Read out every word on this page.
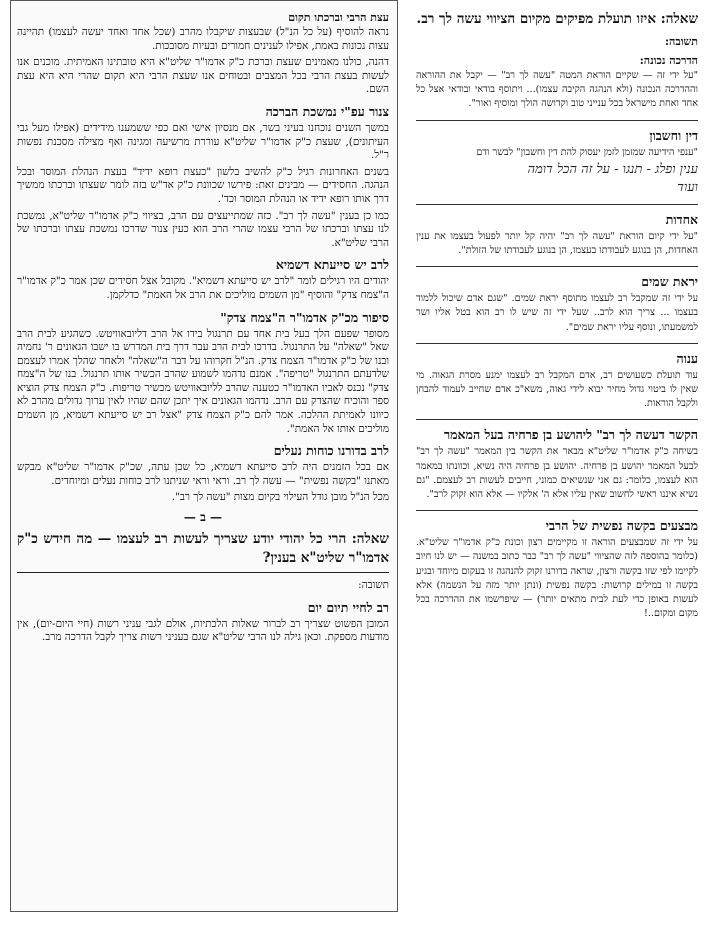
עצת הרבי וברכתו תקום
נראה להוסיף (על כל הנ"ל) שבעצות שיקבלו מהרב (שכל אחד ואחד יעשה לעצמו) תהיינה עצות נכונות באמת, אפילו לענינים חמורים ובעיות מסובכות.
דהנה, כולנו מאמינים שעצת וברכת כ"ק אדמו"ר שליט"א היא טובתינו האמיתית. מוכנים אנו לעשות בעצת הרבי בכל המצבים ובטוחים אנו שעצת הרבי היא תקום שהרי היא היא עצת השם.
צנור עפ"י נמשכת הברכה
במשך השנים נוכחנו בעיני בשר, אם מנסיון אישי ואם כפי ששמענו מידידים (אפילו מעל גבי העיתונים), שעצת כ"ק אדמו"ר שליט"א עוררת מרשיעה ומגינה ואף מצילה מסכנת נפשות ר"ל.
בשנים האחרונות רגיל כ"ק להשיב בלשון "כעצת רופא ידיד" בעצת הנהלת המוסר ובכל הנהגה. החסידים — מבינים זאת: פירשו שכוונת כ"ק אד"ש בזה לומר שעצתו וברכתו ממשיך דרך אותו רופא ידיד או הנהלת המוסר וכד'.
כמו כן בענין "עשה לך רב". כזה שמתייעצים עם הרב, בציווי כ"ק אדמו"ר שליט"א, נמשכת לנו עצתו וברכתו של הרבי עצמו שהרי הרב הוא כעין צנור שדרכו נמשכת עצתו וברכתו של הרבי שליט"א.
לרב יש סייעתא דשמיא
יהודים היו רגילים לומר "לרב יש סייעתא דשמיא". מקובל אצל חסידים שכן אמר כ"ק אדמו"ר ה"צמח צדק" והוסיף "מן השמים מוליכים את הרב אל האמת" כדלקמן.
סיפור מכ"ק אדמו"ר ה"צמח צדק"
מסופר שפעם הלך בעל בית אחד עם תרנגול בידו אל הרב דליובאוויטש. כשהגיע לבית הרב שאל "שאלה" על התרנגול. בדרכו לבית הרב עבר דרך בית המדרש בו ישבו הגאונים ר' נחמיה ובנו של כ"ק אדמו"ר הצמח צדק. הנ"ל חקרוהו על דבר ה"שאלה" ולאחר שהלך אמרו לעצמם שלדעתם התרנגול "טריפה". אמנם נדהמו לשמוע שהרב הכשיר אותו תרנגול. בנו של ה"צמח צדק" נכנס לאביו האדמו"ר כטענה שהרב לליובאוויטש מכשיר טריפות. כ"ק הצמח צדק הוציא ספר והוכיח שהצדק עם הרב. נדהמו הגאונים איך יתכן שהם שהיו לאין ערוך גדולים מהרב לא כיוונו לאמיתת ההלכה. אמר להם כ"ק הצמח צדק "אצל רב יש סייעתא דשמיא, מן השמים מוליכים אותו אל האמת".
לרב בדורנו כוחות נעלים
אם בכל הזמנים היה לרב סייעתא דשמיא, כל שכן עתה, שכ"ק אדמו"ר שליט"א מבקש מאתנו "בקשה נפשית" — עשה לך רב. וראי וראי שניתנו לרב כוחות נעלים ומיוחדים.
מכל הנ"ל מובן גודל העילוי בקיום מצות "עשה לך רב".
— ב —
שאלה: הרי כל יהודי יודע שצריך לעשות רב לעצמו — מה חידש כ"ק אדמו"ר שליט"א בענין?
תשובה:
רב לחיי תיום יום
המובן הפשוט שצריך רב לברור שאלות הלכתיות, אולם לגבי עניני רשות (חיי היום-יום), אין מודעות מספקת. וכאן גילה לנו הרבי שליט"א שגם בעניני רשות צריך לקבל הדרכה מרב.
שאלה: איזו תועלת מפיקים מקיום הציווי עשה לך רב.
תשובה:
הדרכה נכונה:
"על ידי זה — שקיים הוראת המטה "עשה לך רב" — יקבל את ההוראה וההדרכה הנכונה (ולא הנהגה הקיבה עצמו)... ויתוסף בודאי ובודאי אצל כל אחד ואחת מישראל בכל ענייני טוב וקדושה הולך ומוסיף ואור".
דין וחשבון
"ענפי הידיעה שמזמן לזמן יעסוק להת דין וחשבון" לבשר ודם
ענין ופלג - תנגו - על זה הכל דומה
ועוד
אחדות
"על ידי קיום הוראת "עשה לך רב" יהיה קל יותר לפעול בעצמו את ענין האחדות, הן בנוגע לעבודתו בעצמו, הן בנוגע לעבודתו של הזולת".
יראת שמים
על ידי זה שמקבל רב לעצמו מתוסף יראת שמים. "שגם אדם שיכול ללמוד בעצמו ... צריך הוא לרב.. שעל ידי זה שיש לו רב הוא בטל אליו ושר למשמעתו, ונוסף עליו יראת שמים".
ענוה
עוד תועלת כשעושים רב, אדם המקבל רב לעצמו ימנע מסרת הגאוה. מי שאין לו ביטוי גדול מחיר יבוא לידי גאוה, משא"כ אדם שחייב לעמוד להבחן ולקבל הוראות.
הקשר דעשה לך רב" ליהושע בן פרחיה בעל המאמר
בשיחה כ"ק אדמו"ר שליט"א מבאר את הקשר בין המאמר "עשה לך רב" לבעל המאמר יהושע בן פרחיה. יהושע בן פרחיה היה נשיא, וכוונתו במאמר הוא לעצמו, כלומר: גם אני שנשיאים כמוני, חייבים לעשות רב לעצמם. "גם נשיא איננו ראשי לחשוב שאין עליו אלא ה' אלקיו — אלא הוא זקוק לרב".
מבצעים בקשה נפשית של הרבי
על ידי זה שמבצעים הוראה זו מקיימים רצון וכונת כ"ק אדמו"ר שליט"א. (כלומר בהוספה לזה שהציווי "עשה לך רב" כבר כתוב במשנה — יש לנו חיוב לקיימו לפי שזו בקשה ורצון, שראה בדורנו זקוק להנהגה זו בעקום מיוחד ובגיע בקשה זו במילים קרושות: בקשה נפשית (ונתן יותר מזה על הנשמה) אלא לעשות באופן כדי לעת לבית מתאים יותר) — שיפרשמו את ההדרכה בכל מקום ומקום..!
